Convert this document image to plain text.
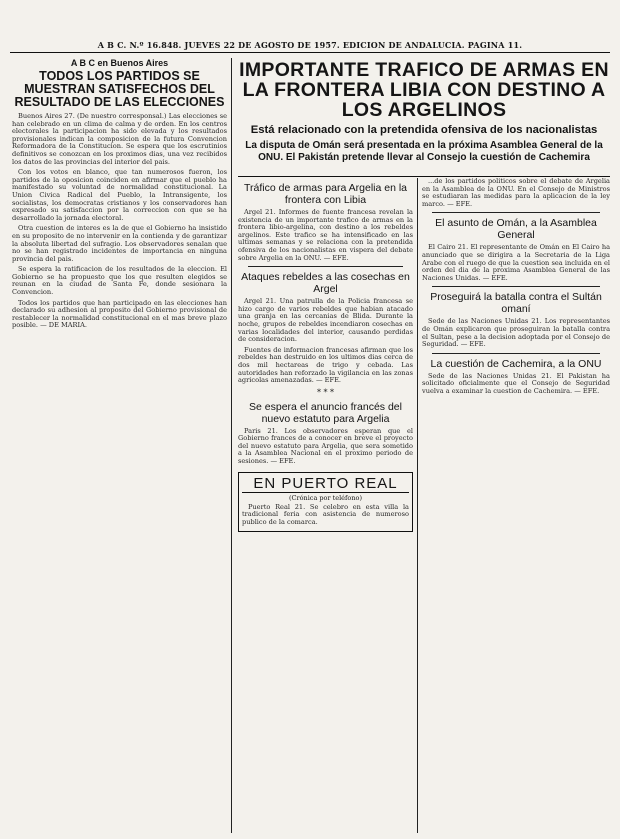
A B C. N.º 16.848. JUEVES 22 DE AGOSTO DE 1957. EDICION DE ANDALUCIA. PAGINA 11.
A B C en Buenos Aires
TODOS LOS PARTIDOS SE MUESTRAN SATISFECHOS DEL RESULTADO DE LAS ELECCIONES

Buenos Aires 27. (De nuestro corresponsal.) Las elecciones se han celebrado en un clima de calma y de orden. En los centros electorales la participacion ha sido elevada y los resultados provisionales indican la composicion de la futura Convencion Reformadora de la Constitucion. Se espera que los escrutinios definitivos se conozcan en los proximos dias, una vez recibidos los datos de las provincias del interior del pais.

Con los votos en blanco, que tan numerosos fueron, los partidos de la oposicion coinciden en afirmar que el pueblo ha manifestado su voluntad de normalidad constitucional. La Union Civica Radical del Pueblo, la Intransigente, los socialistas, los democratas cristianos y los conservadores han expresado su satisfaccion por la correccion con que se ha desarrollado la jornada electoral.

Otra cuestion de interes es la de que el Gobierno ha insistido en su proposito de no intervenir en la contienda y de garantizar la absoluta libertad del sufragio. Los observadores senalan que no se han registrado incidentes de importancia en ninguna provincia del pais.

Se espera la ratificacion de los resultados de la eleccion. El Gobierno se ha propuesto que los que resulten elegidos se reunan en la ciudad de Santa Fe, donde sesionara la Convencion.

Todos los partidos que han participado en las elecciones han declarado su adhesion al proposito del Gobierno provisional de restablecer la normalidad constitucional en el mas breve plazo posible. — DE MARIA.

IMPORTANTE TRAFICO DE ARMAS EN LA FRONTERA LIBIA CON DESTINO A LOS ARGELINOS
Está relacionado con la pretendida ofensiva de los nacionalistas
La disputa de Omán será presentada en la próxima Asamblea General de la ONU. El Pakistán pretende llevar al Consejo la cuestión de Cachemira
Tráfico de armas para Argelia en la frontera con Libia

Argel 21. Informes de fuente francesa revelan la existencia de un importante trafico de armas en la frontera libio-argelina, con destino a los rebeldes argelinos. Este trafico se ha intensificado en las ultimas semanas y se relaciona con la pretendida ofensiva de los nacionalistas en vispera del debate sobre Argelia en la ONU. — EFE.

Ataques rebeldes a las cosechas en Argel

Argel 21. Una patrulla de la Policia francesa se hizo cargo de varios rebeldes que habian atacado una granja en las cercanias de Blida. Durante la noche, grupos de rebeldes incendiaron cosechas en varias localidades del interior, causando perdidas de consideracion.

Fuentes de informacion francesas afirman que los rebeldes han destruido en los ultimos dias cerca de dos mil hectareas de trigo y cebada. Las autoridades han reforzado la vigilancia en las zonas agricolas amenazadas. — EFE.

* * *
Se espera el anuncio francés del nuevo estatuto para Argelia

Paris 21. Los observadores esperan que el Gobierno frances de a conocer en breve el proyecto del nuevo estatuto para Argelia, que sera sometido a la Asamblea Nacional en el proximo periodo de sesiones. — EFE.

EN PUERTO REAL
(Crónica por teléfono)

Puerto Real 21. Se celebro en esta villa la tradicional feria con asistencia de numeroso publico de la comarca.

...de los partidos politicos sobre el debate de Argelia en la Asamblea de la ONU. En el Consejo de Ministros se estudiaran las medidas para la aplicacion de la ley marco. — EFE.

El asunto de Omán, a la Asamblea General

El Cairo 21. El representante de Omán en El Cairo ha anunciado que se dirigira a la Secretaria de la Liga Arabe con el ruego de que la cuestion sea incluida en el orden del dia de la proxima Asamblea General de las Naciones Unidas. — EFE.

Proseguirá la batalla contra el Sultán omaní

Sede de las Naciones Unidas 21. Los representantes de Omán explicaron que proseguiran la batalla contra el Sultan, pese a la decision adoptada por el Consejo de Seguridad. — EFE.

La cuestión de Cachemira, a la ONU

Sede de las Naciones Unidas 21. El Pakistan ha solicitado oficialmente que el Consejo de Seguridad vuelva a examinar la cuestion de Cachemira. — EFE.
